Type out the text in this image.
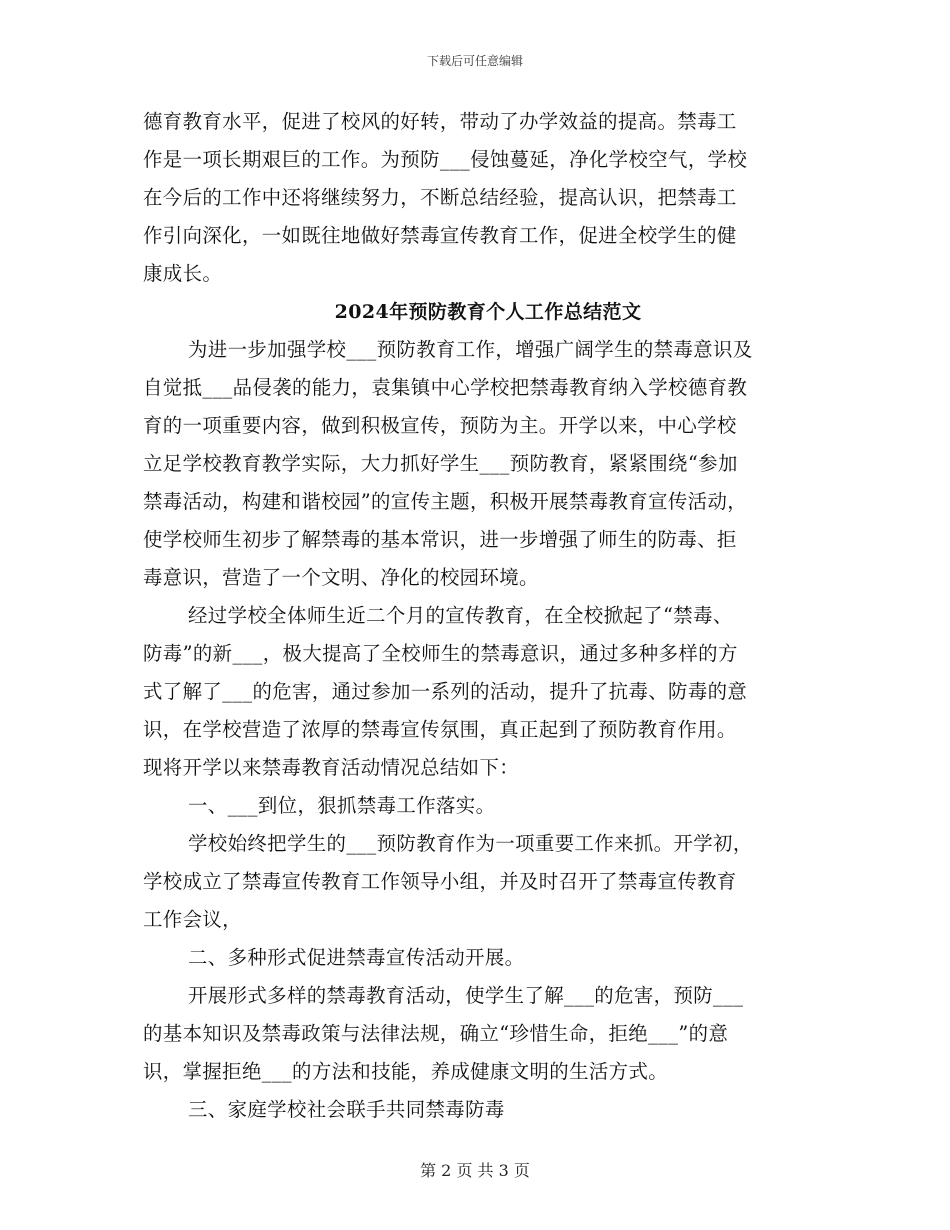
下载后可任意编辑
德育教育水平，促进了校风的好转，带动了办学效益的提高。禁毒工
作是一项长期艰巨的工作。为预防___侵蚀蔓延，净化学校空气，学校
在今后的工作中还将继续努力，不断总结经验，提高认识，把禁毒工
作引向深化，一如既往地做好禁毒宣传教育工作，促进全校学生的健
康成长。
2024年预防教育个人工作总结范文
为进一步加强学校___预防教育工作，增强广阔学生的禁毒意识及
自觉抵___品侵袭的能力，袁集镇中心学校把禁毒教育纳入学校德育教
育的一项重要内容，做到积极宣传，预防为主。开学以来，中心学校
立足学校教育教学实际，大力抓好学生___预防教育，紧紧围绕“参加
禁毒活动，构建和谐校园”的宣传主题，积极开展禁毒教育宣传活动，
使学校师生初步了解禁毒的基本常识，进一步增强了师生的防毒、拒
毒意识，营造了一个文明、净化的校园环境。
经过学校全体师生近二个月的宣传教育，在全校掀起了“禁毒、
防毒”的新___，极大提高了全校师生的禁毒意识，通过多种多样的方
式了解了___的危害，通过参加一系列的活动，提升了抗毒、防毒的意
识，在学校营造了浓厚的禁毒宣传氛围，真正起到了预防教育作用。
现将开学以来禁毒教育活动情况总结如下：
一、___到位，狠抓禁毒工作落实。
学校始终把学生的___预防教育作为一项重要工作来抓。开学初，
学校成立了禁毒宣传教育工作领导小组，并及时召开了禁毒宣传教育
工作会议，
二、多种形式促进禁毒宣传活动开展。
开展形式多样的禁毒教育活动，使学生了解___的危害，预防___
的基本知识及禁毒政策与法律法规，确立“珍惜生命，拒绝___”的意
识，掌握拒绝___的方法和技能，养成健康文明的生活方式。
三、家庭学校社会联手共同禁毒防毒
第 2 页 共 3 页
